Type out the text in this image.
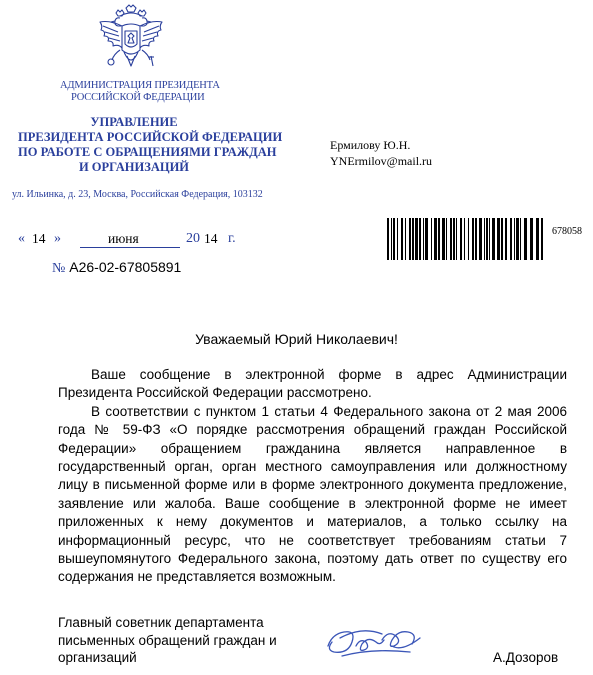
АДМИНИСТРАЦИЯ ПРЕЗИДЕНТА
РОССИЙСКОЙ ФЕДЕРАЦИИ
УПРАВЛЕНИЕ
ПРЕЗИДЕНТА РОССИЙСКОЙ ФЕДЕРАЦИИ
ПО РАБОТЕ С ОБРАЩЕНИЯМИ ГРАЖДАН
И ОРГАНИЗАЦИЙ
ул. Ильинка, д. 23, Москва, Российская Федерация, 103132
Ермилову Ю.Н.
YNErmilov@mail.ru
« 14 »	июня	20 14 г.	678058
№ А26-02-67805891
Уважаемый Юрий Николаевич!

Ваше сообщение в электронной форме в адрес Администрации Президента Российской Федерации рассмотрено.

В соответствии с пунктом 1 статьи 4 Федерального закона от 2 мая 2006 года № 59-ФЗ «О порядке рассмотрения обращений граждан Российской Федерации» обращением гражданина является направленное в государственный орган, орган местного самоуправления или должностному лицу в письменной форме или в форме электронного документа предложение, заявление или жалоба. Ваше сообщение в электронной форме не имеет приложенных к нему документов и материалов, а только ссылку на информационный ресурс, что не соответствует требованиям статьи 7 вышеупомянутого Федерального закона, поэтому дать ответ по существу его содержания не представляется возможным.

Главный советник департамента
письменных обращений граждан и
организаций	А.Дозоров
